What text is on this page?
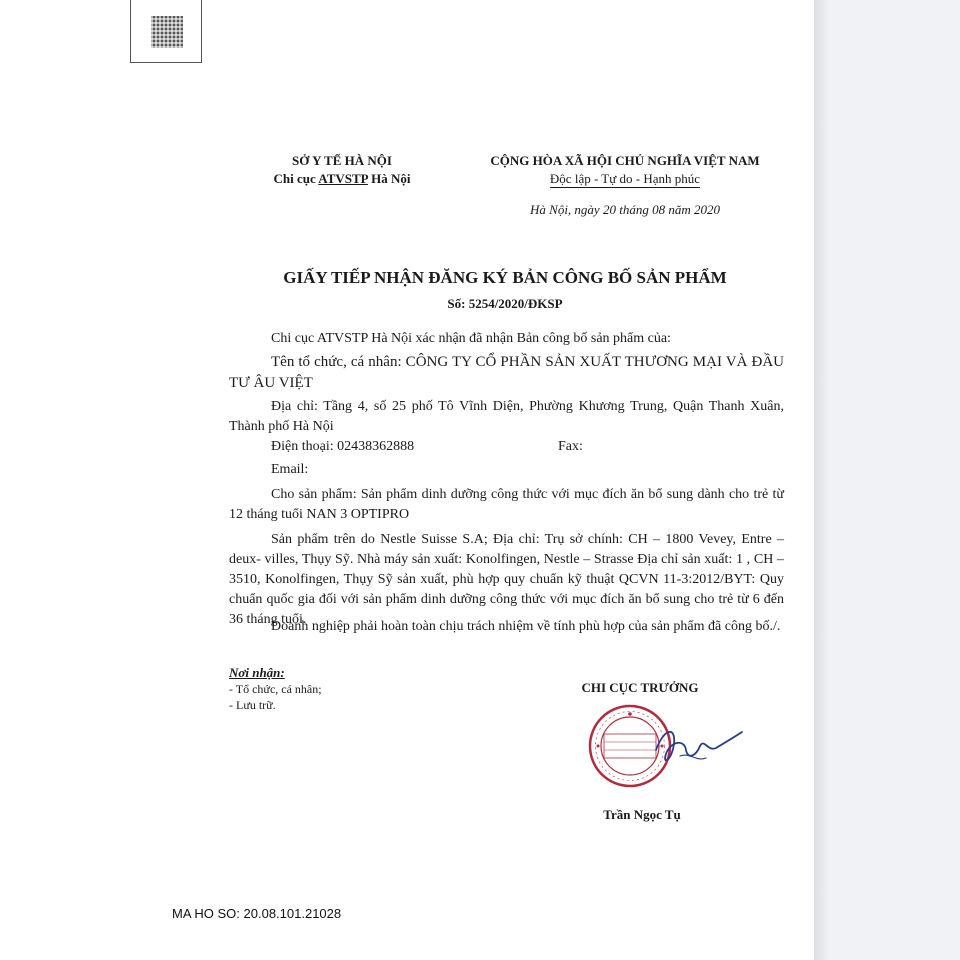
SỞ Y TẾ HÀ NỘI
Chi cục ATVSTP Hà Nội
CỘNG HÒA XÃ HỘI CHỦ NGHĨA VIỆT NAM
Độc lập - Tự do - Hạnh phúc
Hà Nội, ngày 20 tháng 08 năm 2020
GIẤY TIẾP NHẬN ĐĂNG KÝ BẢN CÔNG BỐ SẢN PHẨM
Số: 5254/2020/ĐKSP
Chi cục ATVSTP Hà Nội xác nhận đã nhận Bản công bố sản phẩm của:
Tên tổ chức, cá nhân: CÔNG TY CỔ PHẦN SẢN XUẤT THƯƠNG MẠI VÀ ĐẦU TƯ ÂU VIỆT
Địa chỉ: Tầng 4, số 25 phố Tô Vĩnh Diện, Phường Khương Trung, Quận Thanh Xuân, Thành phố Hà Nội
Điện thoại: 02438362888	Fax:
Email:
Cho sản phẩm: Sản phẩm dinh dưỡng công thức với mục đích ăn bổ sung dành cho trẻ từ 12 tháng tuổi NAN 3 OPTIPRO
Sản phẩm trên do Nestle Suisse S.A; Địa chỉ: Trụ sở chính: CH – 1800 Vevey, Entre – deux- villes, Thụy Sỹ. Nhà máy sản xuất: Konolfingen, Nestle – Strasse Địa chỉ sản xuất: 1 , CH – 3510, Konolfingen, Thụy Sỹ sản xuất, phù hợp quy chuẩn kỹ thuật QCVN 11-3:2012/BYT: Quy chuẩn quốc gia đối với sản phẩm dinh dưỡng công thức với mục đích ăn bổ sung cho trẻ từ 6 đến 36 tháng tuổi.
Doanh nghiệp phải hoàn toàn chịu trách nhiệm về tính phù hợp của sản phẩm đã công bố./.
Nơi nhận:
- Tổ chức, cá nhân;
- Lưu trữ.
CHI CỤC TRƯỞNG
Trần Ngọc Tụ
MA HO SO: 20.08.101.21028
